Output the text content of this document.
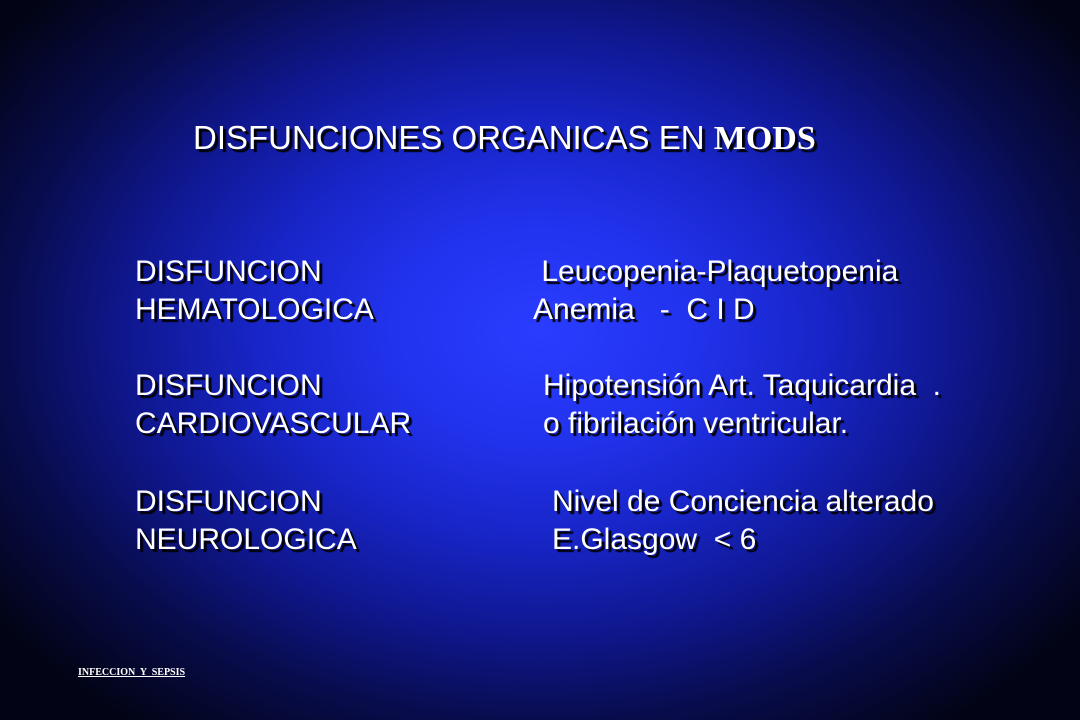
DISFUNCIONES ORGANICAS EN MODS
DISFUNCION
HEMATOLOGICA
Leucopenia-Plaquetopenia
Anemia   -  C I D
DISFUNCION
CARDIOVASCULAR
Hipotensión Art. Taquicardia  .
o fibrilación ventricular.
DISFUNCION
NEUROLOGICA
Nivel de Conciencia alterado
E.Glasgow  < 6
INFECCION  Y  SEPSIS
